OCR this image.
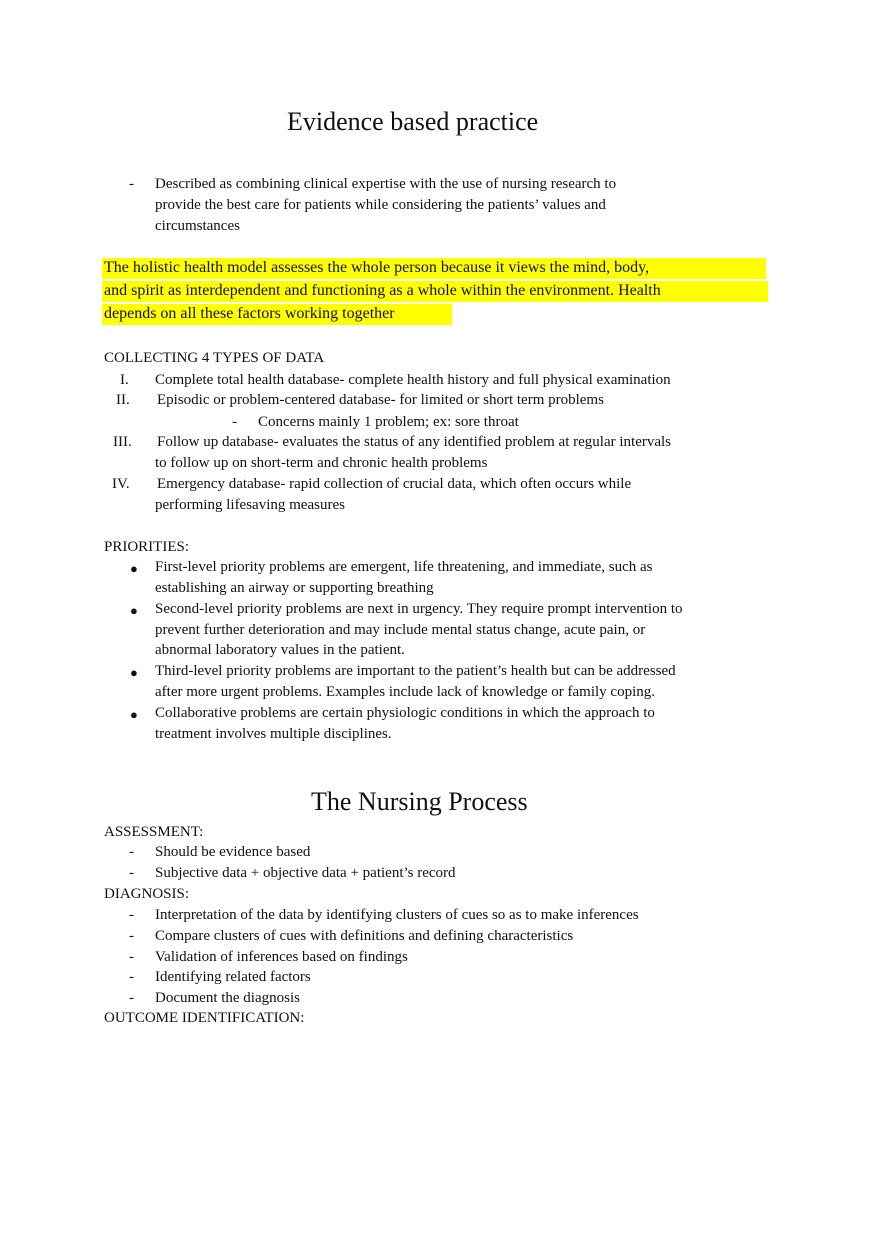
Evidence based practice
- Described as combining clinical expertise with the use of nursing research to
provide the best care for patients while considering the patients’ values and
circumstances
The holistic health model assesses the whole person because it views the mind, body,
and spirit as interdependent and functioning as a whole within the environment. Health
depends on all these factors working together
COLLECTING 4 TYPES OF DATA
I. Complete total health database- complete health history and full physical examination
II. Episodic or problem-centered database- for limited or short term problems
- Concerns mainly 1 problem; ex: sore throat
III. Follow up database- evaluates the status of any identified problem at regular intervals
to follow up on short-term and chronic health problems
IV. Emergency database- rapid collection of crucial data, which often occurs while
performing lifesaving measures
PRIORITIES:
● First-level priority problems are emergent, life threatening, and immediate, such as
establishing an airway or supporting breathing
● Second-level priority problems are next in urgency. They require prompt intervention to
prevent further deterioration and may include mental status change, acute pain, or
abnormal laboratory values in the patient.
● Third-level priority problems are important to the patient’s health but can be addressed
after more urgent problems. Examples include lack of knowledge or family coping.
● Collaborative problems are certain physiologic conditions in which the approach to
treatment involves multiple disciplines.
The Nursing Process
ASSESSMENT:
- Should be evidence based
- Subjective data + objective data + patient’s record
DIAGNOSIS:
- Interpretation of the data by identifying clusters of cues so as to make inferences
- Compare clusters of cues with definitions and defining characteristics
- Validation of inferences based on findings
- Identifying related factors
- Document the diagnosis
OUTCOME IDENTIFICATION:
